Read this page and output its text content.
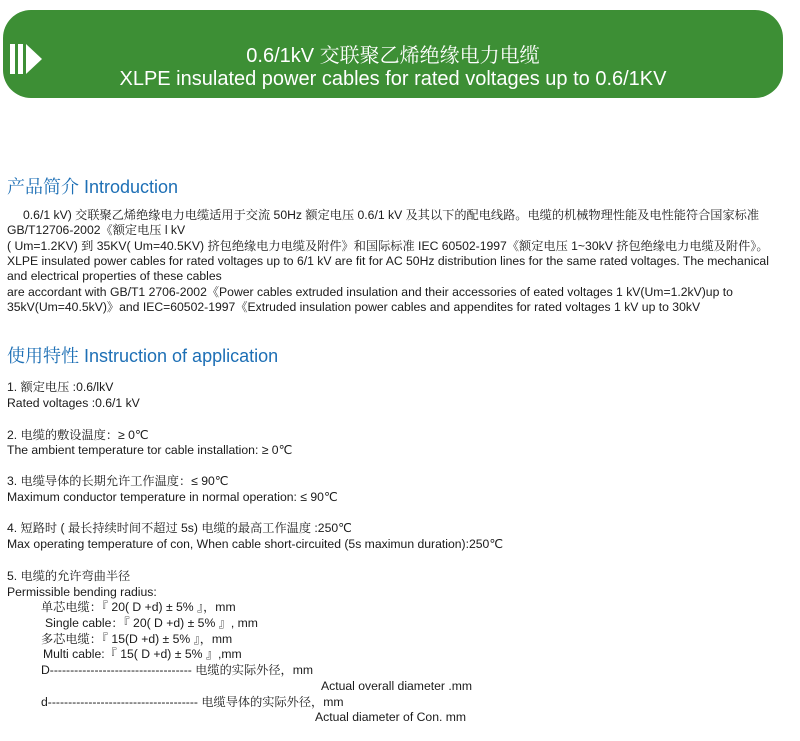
0.6/1kV 交联聚乙烯绝缘电力电缆
XLPE insulated power cables for rated voltages up to 0.6/1KV
产品简介 Introduction
0.6/1 kV) 交联聚乙烯绝缘电力电缆适用于交流 50Hz 额定电压 0.6/1 kV 及其以下的配电线路。电缆的机械物理性能及电性能符合国家标准
GB/T12706-2002《额定电压 l kV
( Um=1.2KV) 到 35KV( Um=40.5KV) 挤包绝缘电力电缆及附件》和国际标准 IEC 60502-1997《额定电压 1~30kV 挤包绝缘电力电缆及附件》。
XLPE insulated power cables for rated voltages up to 6/1 kV are fit for AC 50Hz distribution lines for the same rated voltages. The mechanical
and electrical properties of these cables
are accordant with GB/T1 2706-2002《Power cables extruded insulation and their accessories of eated voltages 1 kV(Um=1.2kV)up to
35kV(Um=40.5kV)》and IEC=60502-1997《Extruded insulation power cables and appendites for rated voltages 1 kV up to 30kV
使用特性 Instruction of application
1. 额定电压 :0.6/lkV
Rated voltages :0.6/1 kV
2. 电缆的敷设温度：≥ 0℃
The ambient temperature tor cable installation: ≥ 0℃
3. 电缆导体的长期允许工作温度：≤ 90℃
Maximum conductor temperature in normal operation: ≤ 90℃
4. 短路时 ( 最长持续时间不超过 5s) 电缆的最高工作温度 :250℃
Max operating temperature of con, When cable short-circuited (5s maximun duration):250℃
5. 电缆的允许弯曲半径
Permissible bending radius:
单芯电缆：『 20( D +d) ± 5% 』，mm
Single cable：『 20( D +d) ± 5% 』, mm
多芯电缆：『 15(D +d) ± 5% 』，mm
Multi cable:『 15( D +d) ± 5% 』,mm
D----------------------------------- 电缆的实际外径，mm
Actual overall diameter .mm
d------------------------------------- 电缆导体的实际外径，mm
Actual diameter of Con. mm
